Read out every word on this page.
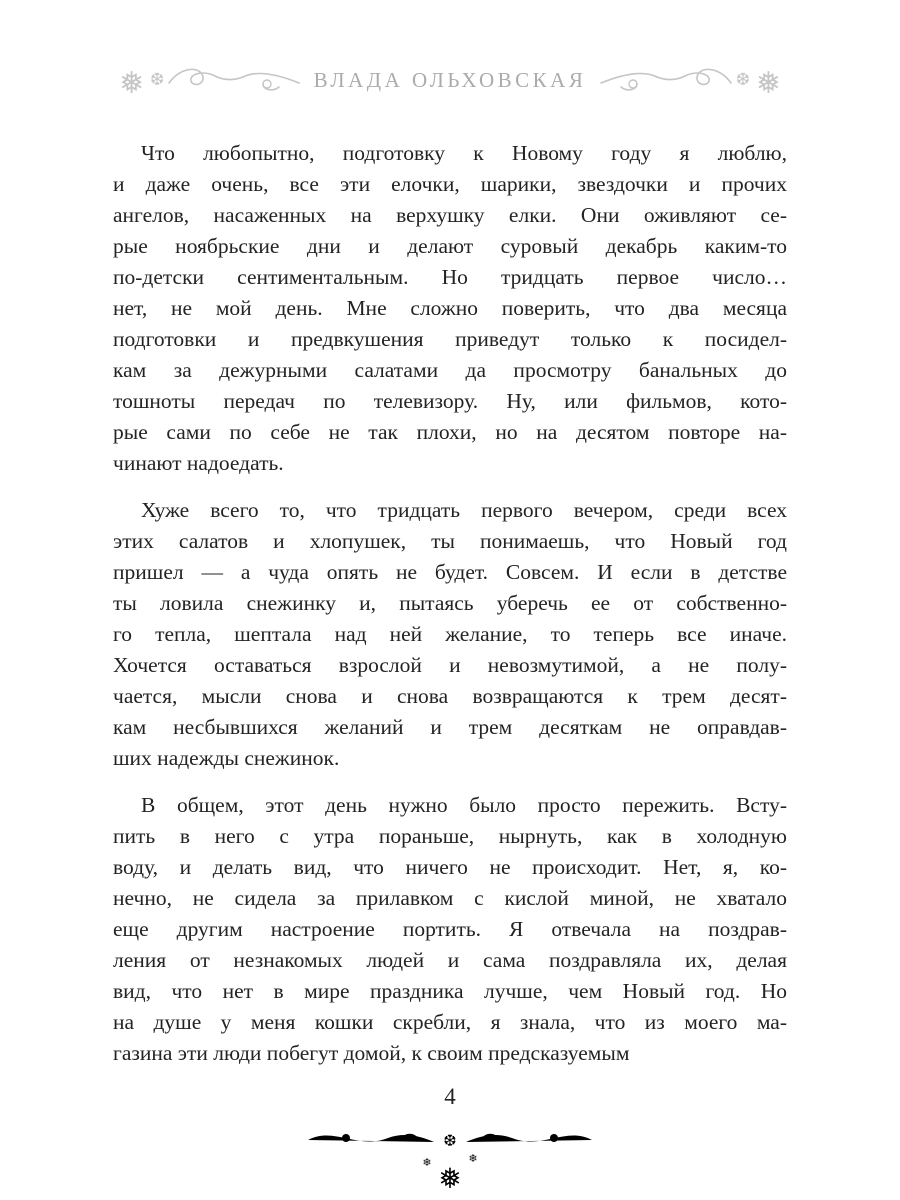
❅ ❆	ВЛАДА ОЛЬХОВСКАЯ	❅
❆
Что любопытно, подготовку к Новому году я люблю,
и даже очень, все эти елочки, шарики, звездочки и прочих
ангелов, насаженных на верхушку елки. Они оживляют се-
рые ноябрьские дни и делают суровый декабрь каким-то
по-детски сентиментальным. Но тридцать первое число…
нет, не мой день. Мне сложно поверить, что два месяца
подготовки и предвкушения приведут только к посидел-
кам за дежурными салатами да просмотру банальных до
тошноты передач по телевизору. Ну, или фильмов, кото-
рые сами по себе не так плохи, но на десятом повторе на-
чинают надоедать.
Хуже всего то, что тридцать первого вечером, среди всех
этих салатов и хлопушек, ты понимаешь, что Новый год
пришел — а чуда опять не будет. Совсем. И если в детстве
ты ловила снежинку и, пытаясь уберечь ее от собственно-
го тепла, шептала над ней желание, то теперь все иначе.
Хочется оставаться взрослой и невозмутимой, а не полу-
чается, мысли снова и снова возвращаются к трем десят-
кам несбывшихся желаний и трем десяткам не оправдав-
ших надежды снежинок.
В общем, этот день нужно было просто пережить. Всту-
пить в него с утра пораньше, нырнуть, как в холодную
воду, и делать вид, что ничего не происходит. Нет, я, ко-
нечно, не сидела за прилавком с кислой миной, не хватало
еще другим настроение портить. Я отвечала на поздрав-
ления от незнакомых людей и сама поздравляла их, делая
вид, что нет в мире праздника лучше, чем Новый год. Но
на душе у меня кошки скребли, я знала, что из моего ма-
газина эти люди побегут домой, к своим предсказуемым
4
❆
❄	❄
❅
